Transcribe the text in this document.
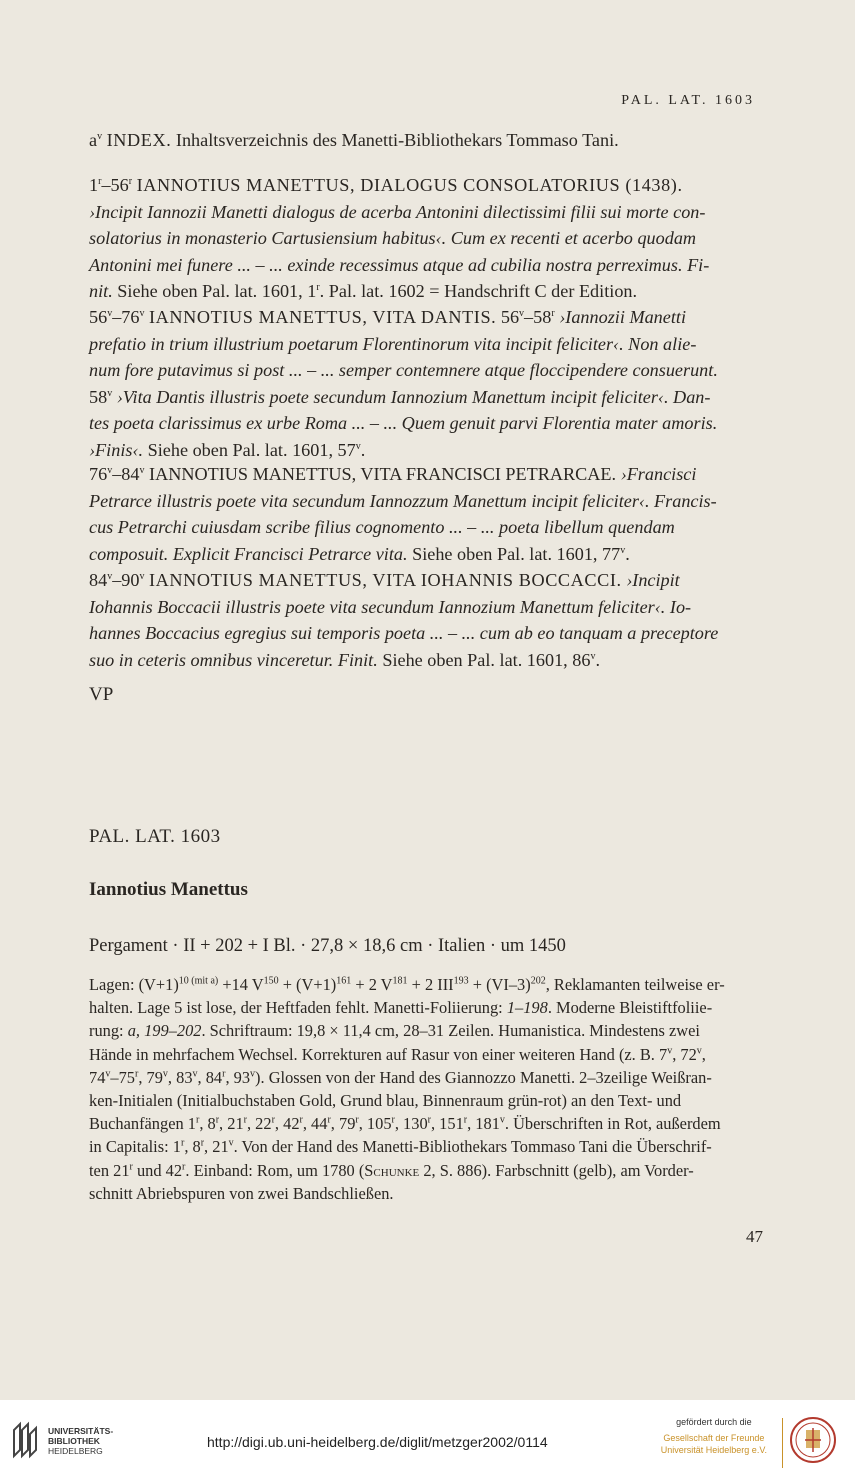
PAL. LAT. 1603
$a^v$ INDEX. Inhaltsverzeichnis des Manetti-Bibliothekars Tommaso Tani.
1$^r$–56$^r$ IANNOTIUS MANETTUS, DIALOGUS CONSOLATORIUS (1438).
›Incipit Iannozii Manetti dialogus de acerba Antonini dilectissimi filii sui morte con-
solatorius in monasterio Cartusiensium habitus‹. Cum ex recenti et acerbo quodam
Antonini mei funere ... – ... exinde recessimus atque ad cubilia nostra perreximus. Fi-
nit. Siehe oben Pal. lat. 1601, 1$^r$. Pal. lat. 1602 = Handschrift C der Edition.
56$^v$–76$^v$ IANNOTIUS MANETTUS, VITA DANTIS. 56$^v$–58$^r$ ›Iannozii Manetti
prefatio in trium illustrium poetarum Florentinorum vita incipit feliciter‹. Non alie-
num fore putavimus si post ... – ... semper contemnere atque floccipendere consuerunt.
58$^v$ ›Vita Dantis illustris poete secundum Iannozium Manettum incipit feliciter‹. Dan-
tes poeta clarissimus ex urbe Roma ... – ... Quem genuit parvi Florentia mater amoris.
›Finis‹. Siehe oben Pal. lat. 1601, 57$^v$.
76$^v$–84$^v$ IANNOTIUS MANETTUS, VITA FRANCISCI PETRARCAE. ›Francisci
Petrarce illustris poete vita secundum Iannozzum Manettum incipit feliciter‹. Francis-
cus Petrarchi cuiusdam scribe filius cognomento ... – ... poeta libellum quendam
composuit. Explicit Francisci Petrarce vita. Siehe oben Pal. lat. 1601, 77$^v$.
84$^v$–90$^v$ IANNOTIUS MANETTUS, VITA IOHANNIS BOCCACCI. ›Incipit
Iohannis Boccacii illustris poete vita secundum Iannozium Manettum feliciter‹. Io-
hannes Boccacius egregius sui temporis poeta ... – ... cum ab eo tanquam a preceptore
suo in ceteris omnibus vinceretur. Finit. Siehe oben Pal. lat. 1601, 86$^v$.
VP
PAL. LAT. 1603
Iannotius Manettus
Pergament · II + 202 + I Bl. · 27,8 × 18,6 cm · Italien · um 1450
Lagen: $(V+1)^{10 (mit a)} +14$ $V^{150} + (V+1)^{161} + 2$ $V^{181} + 2$ $III^{193} + (VI-3)^{202}$, Reklamanten teilweise er-
halten. Lage 5 ist lose, der Heftfaden fehlt. Manetti-Foliierung: 1–198. Moderne Bleistiftfoliie-
rung: a, 199–202. Schriftraum: 19,8 × 11,4 cm, 28–31 Zeilen. Humanistica. Mindestens zwei
Hände in mehrfachem Wechsel. Korrekturen auf Rasur von einer weiteren Hand (z. B. 7$^v$, 72$^v$,
74$^v$–75$^r$, 79$^v$, 83$^v$, 84$^r$, 93$^v$). Glossen von der Hand des Giannozzo Manetti. 2–3zeilige Weißran-
ken-Initialen (Initialbuchstaben Gold, Grund blau, Binnenraum grün-rot) an den Text- und
Buchanfängen 1$^r$, 8$^r$, 21$^r$, 22$^r$, 42$^r$, 44$^r$, 79$^r$, 105$^r$, 130$^r$, 151$^r$, 181$^v$. Überschriften in Rot, außerdem
in Capitalis: 1$^r$, 8$^r$, 21$^v$. Von der Hand des Manetti-Bibliothekars Tommaso Tani die Überschrif-
ten 21$^r$ und 42$^r$. Einband: Rom, um 1780 (Schunke 2, S. 886). Farbschnitt (gelb), am Vorder-
schnitt Abriebspuren von zwei Bandschließen.
47
UNIVERSITÄTS-
BIBLIOTHEK
HEIDELBERG
http://digi.ub.uni-heidelberg.de/diglit/metzger2002/0114
gefördert durch die
Gesellschaft der Freunde
Universität Heidelberg e.V.
